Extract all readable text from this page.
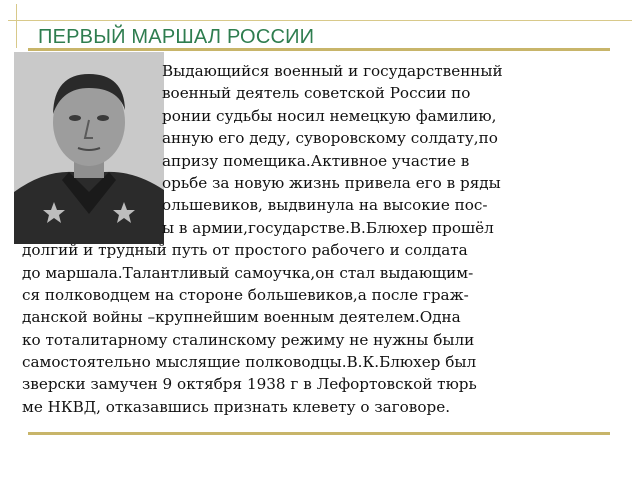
ПЕРВЫЙ МАРШАЛ РОССИИ
Выдающийся военный и государственный
военный деятель советской России по
ронии судьбы носил немецкую фамилию,
анную его деду, суворовскому солдату,по
апризу помещика.Активное участие в
орьбе за новую жизнь привела его в ряды
ольшевиков, выдвинула на высокие пос-
ы в армии,государстве.В.Блюхер прошёл
долгий и трудный путь от простого рабочего и солдата
до маршала.Талантливый самоучка,он стал выдающим-
ся полководцем на стороне большевиков,а после граж-
данской войны –крупнейшим военным деятелем.Одна
ко тоталитарному сталинскому режиму не нужны были
самостоятельно мыслящие полководцы.В.К.Блюхер был
зверски замучен 9 октября 1938 г в Лефортовской тюрь
ме НКВД, отказавшись признать клевету о заговоре.
